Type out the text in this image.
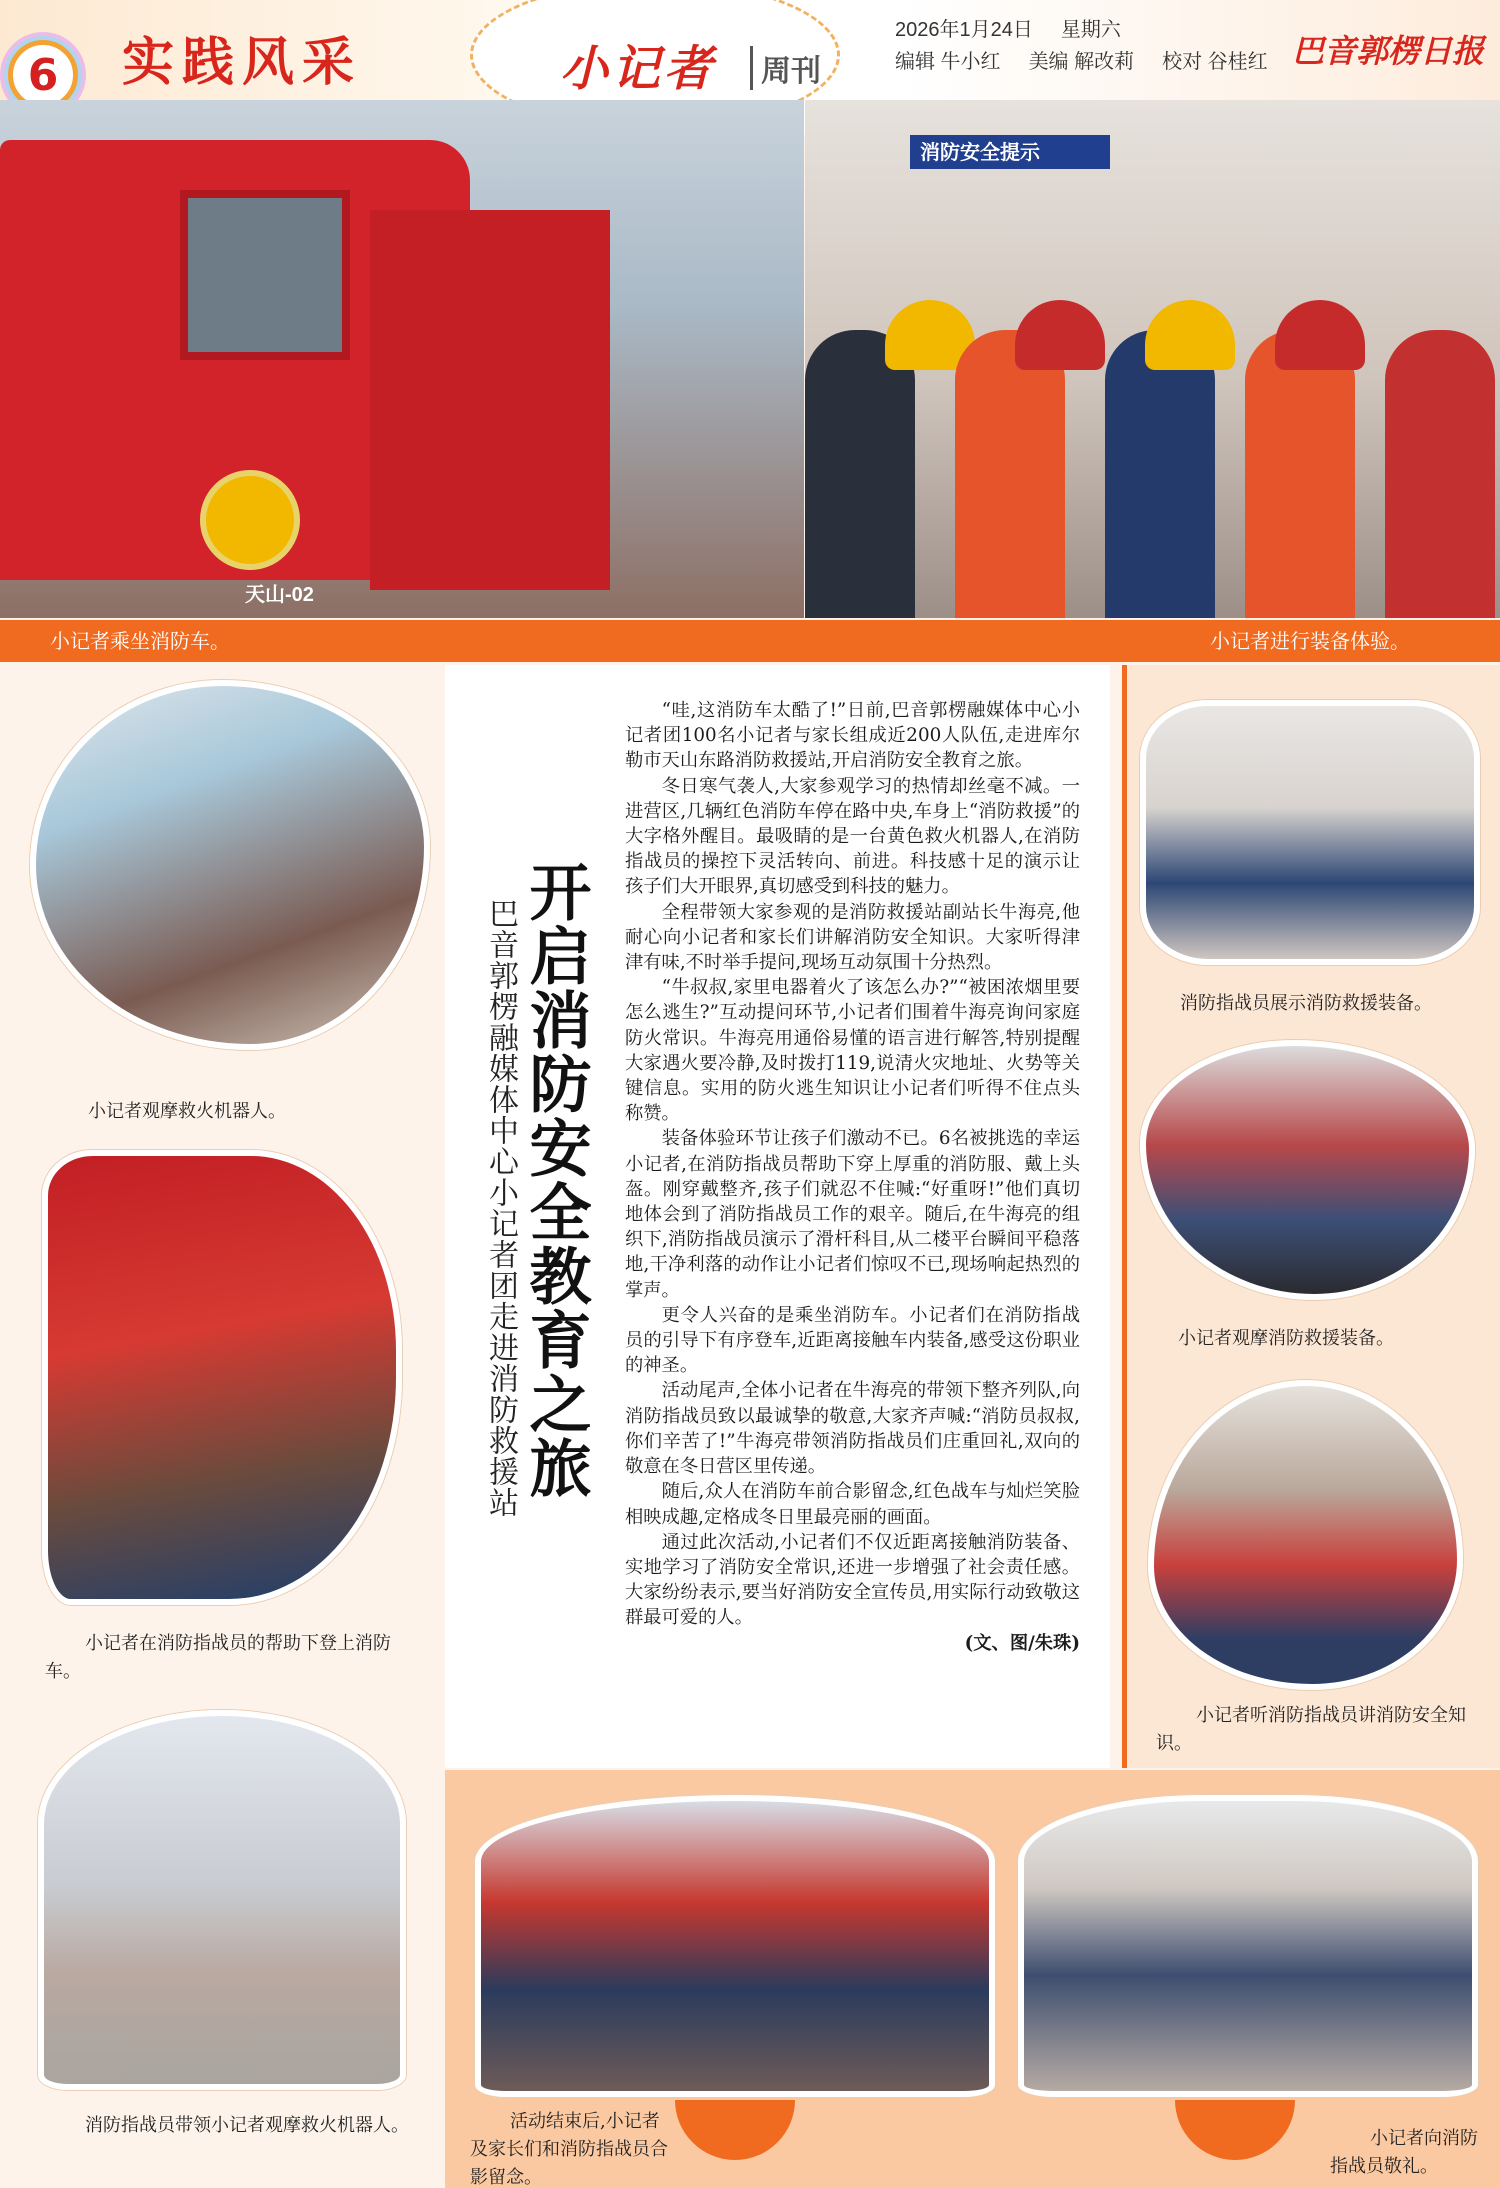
6	实践风采	小记者	周刊
2026年1月24日 星期六
编辑 牛小红 美编 解改莉 校对 谷桂红 巴音郭楞日报
天山-02
消防安全提示
小记者乘坐消防车。	小记者进行装备体验。
小记者观摩救火机器人。
小记者在消防指战员的帮助下登上消防车。
消防指战员带领小记者观摩救火机器人。
开启消防安全教育之旅
巴音郭楞融媒体中心小记者团走进消防救援站

“哇,这消防车太酷了!”日前,巴音郭楞融媒体中心小记者团100名小记者与家长组成近200人队伍,走进库尔勒市天山东路消防救援站,开启消防安全教育之旅。

冬日寒气袭人,大家参观学习的热情却丝毫不减。一进营区,几辆红色消防车停在路中央,车身上“消防救援”的大字格外醒目。最吸睛的是一台黄色救火机器人,在消防指战员的操控下灵活转向、前进。科技感十足的演示让孩子们大开眼界,真切感受到科技的魅力。

全程带领大家参观的是消防救援站副站长牛海亮,他耐心向小记者和家长们讲解消防安全知识。大家听得津津有味,不时举手提问,现场互动氛围十分热烈。

“牛叔叔,家里电器着火了该怎么办?”“被困浓烟里要怎么逃生?”互动提问环节,小记者们围着牛海亮询问家庭防火常识。牛海亮用通俗易懂的语言进行解答,特别提醒大家遇火要冷静,及时拨打119,说清火灾地址、火势等关键信息。实用的防火逃生知识让小记者们听得不住点头称赞。

装备体验环节让孩子们激动不已。6名被挑选的幸运小记者,在消防指战员帮助下穿上厚重的消防服、戴上头盔。刚穿戴整齐,孩子们就忍不住喊:“好重呀!”他们真切地体会到了消防指战员工作的艰辛。随后,在牛海亮的组织下,消防指战员演示了滑杆科目,从二楼平台瞬间平稳落地,干净利落的动作让小记者们惊叹不已,现场响起热烈的掌声。

更令人兴奋的是乘坐消防车。小记者们在消防指战员的引导下有序登车,近距离接触车内装备,感受这份职业的神圣。

活动尾声,全体小记者在牛海亮的带领下整齐列队,向消防指战员致以最诚挚的敬意,大家齐声喊:“消防员叔叔,你们辛苦了!”牛海亮带领消防指战员们庄重回礼,双向的敬意在冬日营区里传递。

随后,众人在消防车前合影留念,红色战车与灿烂笑脸相映成趣,定格成冬日里最亮丽的画面。

通过此次活动,小记者们不仅近距离接触消防装备、实地学习了消防安全常识,还进一步增强了社会责任感。大家纷纷表示,要当好消防安全宣传员,用实际行动致敬这群最可爱的人。

(文、图/朱珠)
消防指战员展示消防救援装备。
小记者观摩消防救援装备。
小记者听消防指战员讲消防安全知识。
活动结束后,小记者及家长们和消防指战员合影留念。
小记者向消防指战员敬礼。
